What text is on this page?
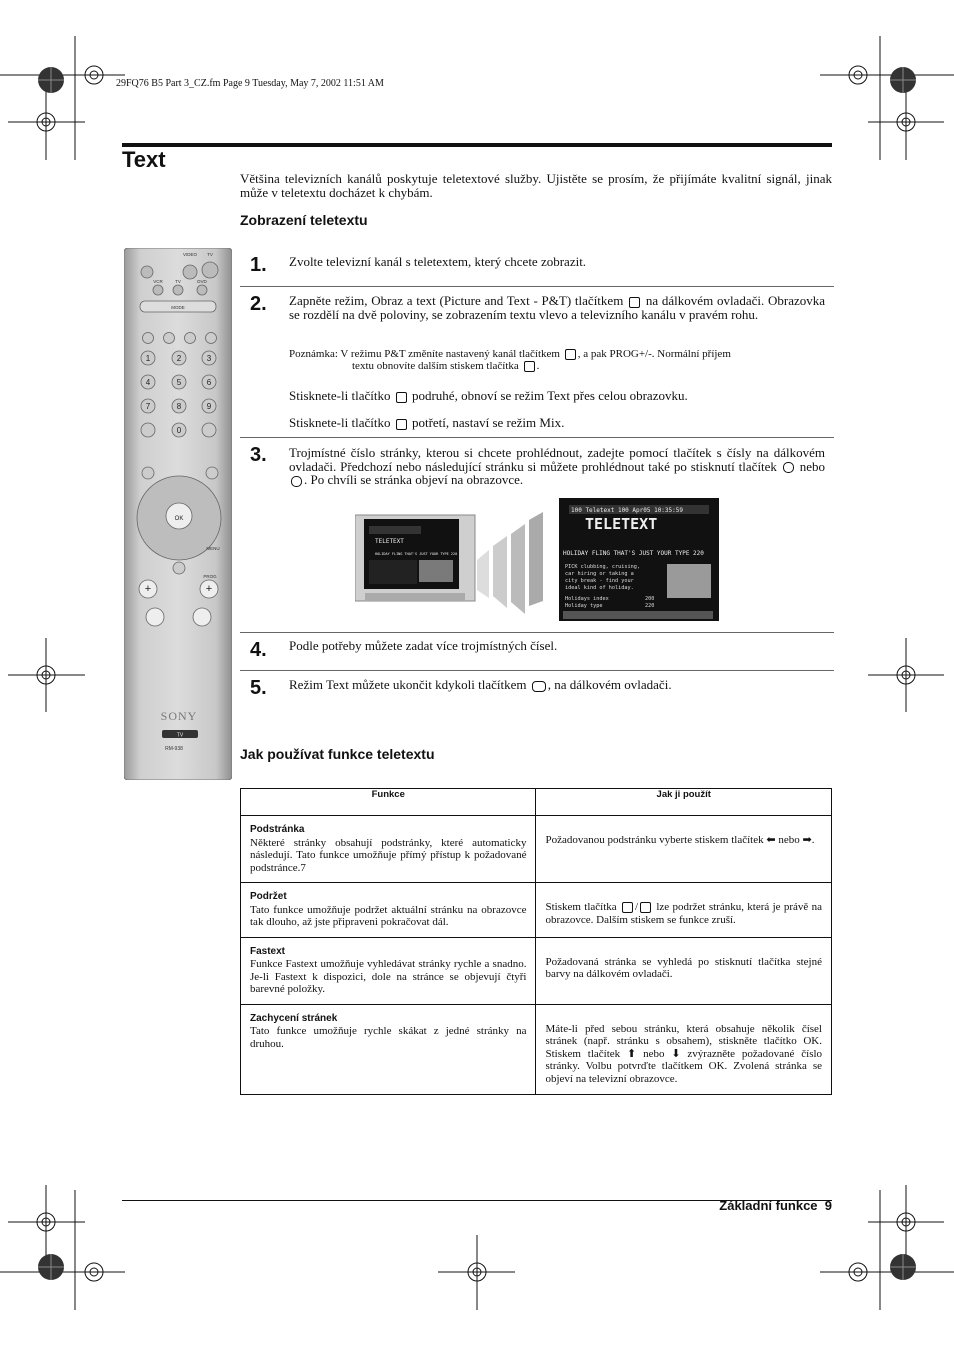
29FQ76 B5 Part 3_CZ.fm Page 9 Tuesday, May 7, 2002 11:51 AM
Text
Většina televizních kanálů poskytuje teletextové služby. Ujistěte se prosím, že přijímáte kvalitní signál, jinak může v teletextu docházet k chybám.
Zobrazení teletextu
1	2	3
4	5	6
7	8	9
0
OK
+	+
VIDEO TV
VCR	TV	DVD
MODE
MENU
PROG
SONY
TV
RM-938
1. Zvolte televizní kanál s teletextem, který chcete zobrazit.
2. Zapněte režim, Obraz a text (Picture and Text - P&T) tlačítkem na dálkovém ovladači. Obrazovka se rozdělí na dvě poloviny, se zobrazením textu vlevo a televizního kanálu v pravém rohu.
Poznámka: V režimu P&T změníte nastavený kanál tlačítkem , a pak PROG+/-. Normální příjem
textu obnovíte dalším stiskem tlačítka .
Stisknete-li tlačítko podruhé, obnoví se režim Text přes celou obrazovku.
Stisknete-li tlačítko potřetí, nastaví se režim Mix.
3. Trojmístné číslo stránky, kterou si chcete prohlédnout, zadejte pomocí tlačítek s čísly na dálkovém ovladači. Předchozí nebo následující stránku si můžete prohlédnout také po stisknutí tlačítek nebo . Po chvíli se stránka objeví na obrazovce.
TELETEXT
HOLIDAY FLING THAT'S JUST YOUR TYPE 220
100 Teletext 100 Apr05 10:35:59
TELETEXT
HOLIDAY FLING THAT'S JUST YOUR TYPE 220
PICK clubbing, cruising,
car hiring or taking a
city break - find your
ideal kind of holiday.
Holidays index	200
Holiday type	220
4. Podle potřeby můžete zadat více trojmístných čísel.
5. Režim Text můžete ukončit kdykoli tlačítkem , na dálkovém ovladači.
Jak používat funkce teletextu
Funkce	Jak ji použít

Podstránka
Některé stránky obsahují podstránky, které automaticky následují. Tato funkce umožňuje přímý přístup k požadované podstránce.7	Požadovanou podstránku vyberte stiskem tlačítek ⬅ nebo ➡.

Podržet
Tato funkce umožňuje podržet aktuální stránku na obrazovce tak dlouho, až jste připraveni pokračovat dál.	Stiskem tlačítka / lze podržet stránku, která je právě na obrazovce. Dalším stiskem se funkce zruší.

Fastext
Funkce Fastext umožňuje vyhledávat stránky rychle a snadno. Je-li Fastext k dispozici, dole na stránce se objevují čtyři barevné položky.	Požadovaná stránka se vyhledá po stisknutí tlačítka stejné barvy na dálkovém ovladači.

Zachycení stránek
Tato funkce umožňuje rychle skákat z jedné stránky na druhou.	Máte-li před sebou stránku, která obsahuje několik čísel stránek (např. stránku s obsahem), stiskněte tlačítko OK. Stiskem tlačítek ⬆ nebo ⬇ zvýrazněte požadované číslo stránky. Volbu potvrďte tlačítkem OK. Zvolená stránka se objeví na televizní obrazovce.
Základní funkce 9
